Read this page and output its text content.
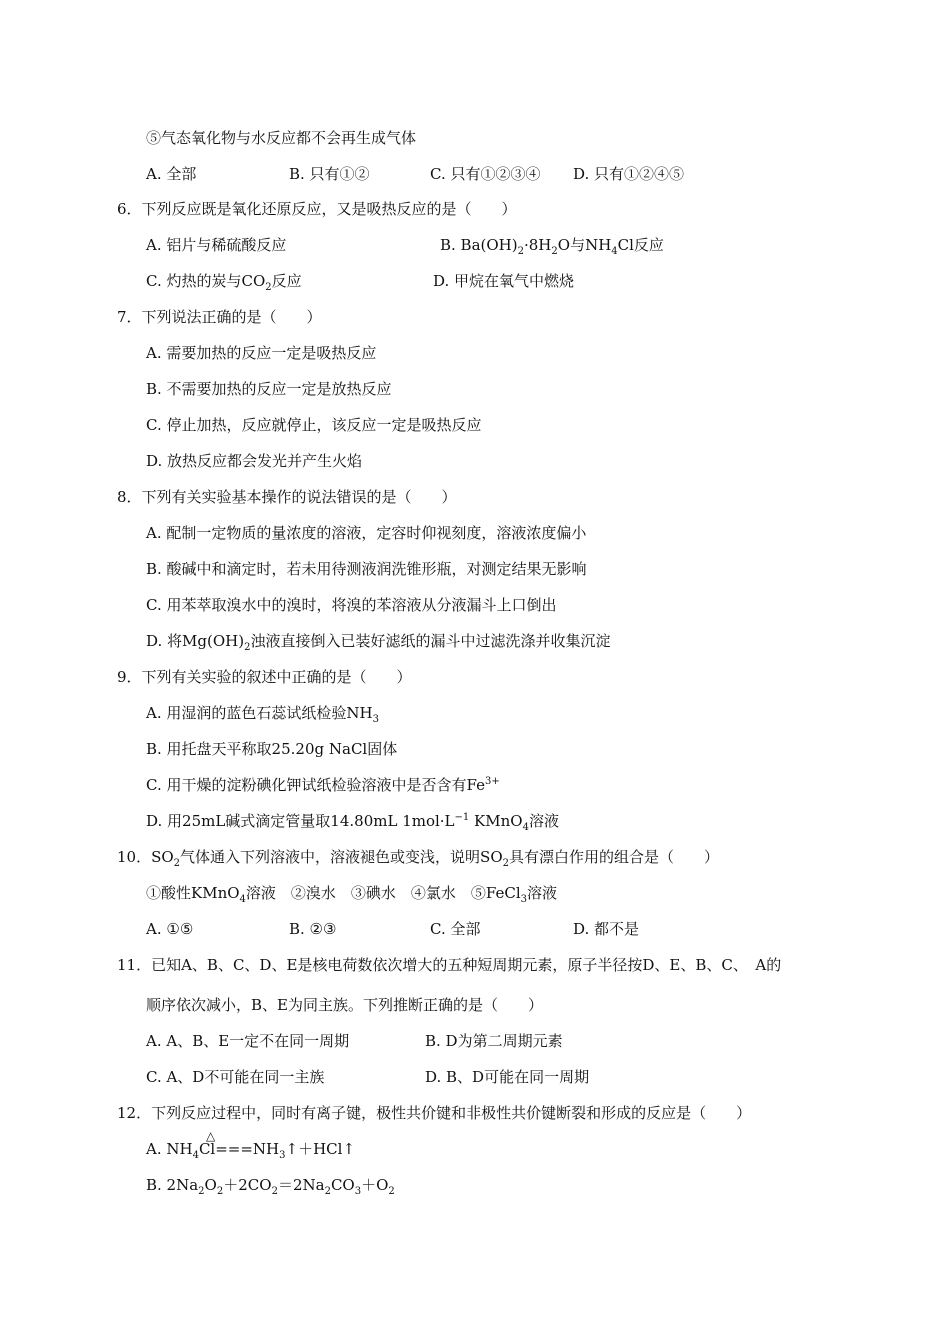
⑤气态氧化物与水反应都不会再生成气体
A. 全部	B. 只有①②	C. 只有①②③④ D. 只有①②④⑤
6．下列反应既是氧化还原反应，又是吸热反应的是（　　）
A. 铝片与稀硫酸反应	B. $Ba(OH)_2\cdot 8H_2O$与$NH_4Cl$反应
C. 灼热的炭与$CO_2$反应	D. 甲烷在氧气中燃烧
7．下列说法正确的是（　　）
A. 需要加热的反应一定是吸热反应
B. 不需要加热的反应一定是放热反应
C. 停止加热，反应就停止，该反应一定是吸热反应
D. 放热反应都会发光并产生火焰
8．下列有关实验基本操作的说法错误的是（　　）
A. 配制一定物质的量浓度的溶液，定容时仰视刻度，溶液浓度偏小
B. 酸碱中和滴定时，若未用待测液润洗锥形瓶，对测定结果无影响
C. 用苯萃取溴水中的溴时，将溴的苯溶液从分液漏斗上口倒出
D. 将$Mg(OH)_2$浊液直接倒入已装好滤纸的漏斗中过滤洗涤并收集沉淀
9．下列有关实验的叙述中正确的是（　　）
A. 用湿润的蓝色石蕊试纸检验$NH_3$
B. 用托盘天平称取25.20g NaCl固体
C. 用干燥的淀粉碘化钾试纸检验溶液中是否含有$Fe^{3+}$
D. 用25mL碱式滴定管量取14.80mL $1mol\cdot L^{-1}$ KMnO$_4$溶液
10．$SO_2$气体通入下列溶液中，溶液褪色或变浅，说明$SO_2$具有漂白作用的组合是（　　）
①酸性KMnO$_4$溶液　②溴水　③碘水　④氯水　⑤FeCl$_3$溶液
A. ①⑤	B. ②③	C. 全部	D. 都不是
11．已知A、B、C、D、E是核电荷数依次增大的五种短周期元素，原子半径按D、E、B、C、　A的
顺序依次减小，B、E为同主族。下列推断正确的是（　　）
A. A、B、E一定不在同一周期	B. D为第二周期元素
C. A、D不可能在同一主族	D. B、D可能在同一周期
12．下列反应过程中，同时有离子键，极性共价键和非极性共价键断裂和形成的反应是（　　）
△
A. $NH_4Cl===NH_3↑+HCl↑$
B. $2Na_2O_2+2CO_2=2Na_2CO_3+O_2$
